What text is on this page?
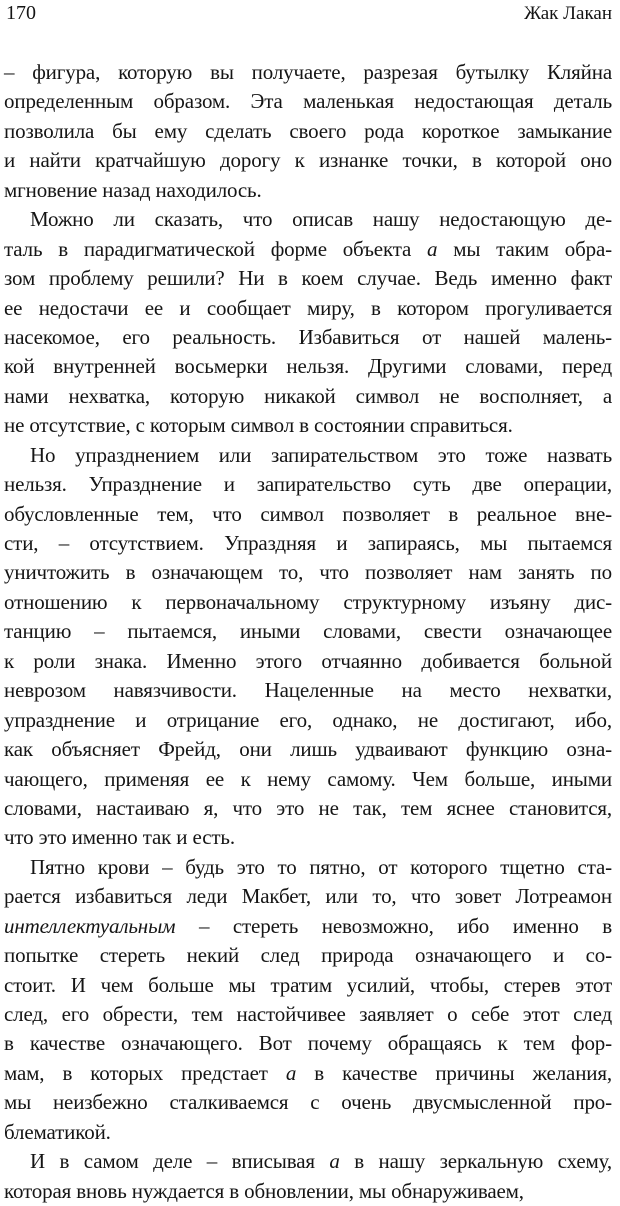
170	Жак Лакан
– фигура, которую вы получаете, разрезая бутылку Кляйна
определенным образом. Эта маленькая недостающая деталь
позволила бы ему сделать своего рода короткое замыкание
и найти кратчайшую дорогу к изнанке точки, в которой оно
мгновение назад находилось.
Можно ли сказать, что описав нашу недостающую де-
таль в парадигматической форме объекта a мы таким обра-
зом проблему решили? Ни в коем случае. Ведь именно факт
ее недостачи ее и сообщает миру, в котором прогуливается
насекомое, его реальность. Избавиться от нашей малень-
кой внутренней восьмерки нельзя. Другими словами, перед
нами нехватка, которую никакой символ не восполняет, а
не отсутствие, с которым символ в состоянии справиться.
Но упразднением или запирательством это тоже назвать
нельзя. Упразднение и запирательство суть две операции,
обусловленные тем, что символ позволяет в реальное внe-
сти, – отсутствием. Упраздняя и запираясь, мы пытаемся
уничтожить в означающем то, что позволяет нам занять по
отношению к первоначальному структурному изъяну дис-
танцию – пытаемся, иными словами, свести означающее
к роли знака. Именно этого отчаянно добивается больной
неврозом навязчивости. Нацеленные на место нехватки,
упразднение и отрицание его, однако, не достигают, ибо,
как объясняет Фрейд, они лишь удваивают функцию озна-
чающего, применяя ее к нему самому. Чем больше, иными
словами, настаиваю я, что это не так, тем яснее становится,
что это именно так и есть.
Пятно крови – будь это то пятно, от которого тщетно ста-
рается избавиться леди Макбет, или то, что зовет Лотреамон
интеллектуальным – стереть невозможно, ибо именно в
попытке стереть некий след природа означающего и со-
стоит. И чем больше мы тратим усилий, чтобы, стерев этот
след, его обрести, тем настойчивее заявляет о себе этот след
в качестве означающего. Вот почему обращаясь к тем фор-
мам, в которых предстает a в качестве причины желания,
мы неизбежно сталкиваемся с очень двусмысленной про-
блематикой.
И в самом деле – вписывая a в нашу зеркальную схему,
которая вновь нуждается в обновлении, мы обнаруживаем,
